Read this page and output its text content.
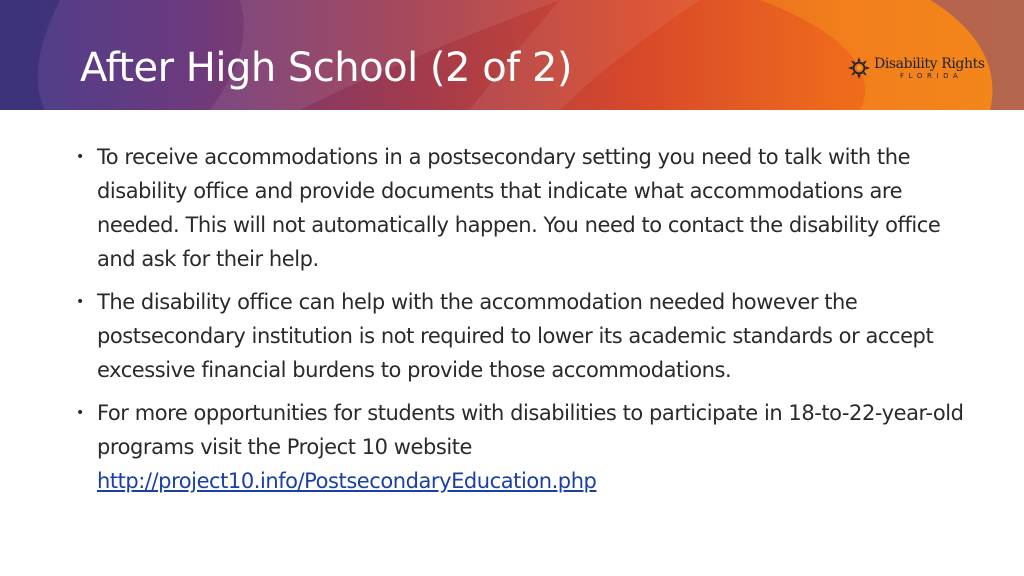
After High School (2 of 2)	Disability Rights
FLORIDA
• To receive accommodations in a postsecondary setting you need to talk with the disability office and provide documents that indicate what accommodations are needed. This will not automatically happen. You need to contact the disability office and ask for their help.
• The disability office can help with the accommodation needed however the postsecondary institution is not required to lower its academic standards or accept excessive financial burdens to provide those accommodations.
• For more opportunities for students with disabilities to participate in 18-to-22-year-old programs visit the Project 10 website
http://project10.info/PostsecondaryEducation.php
